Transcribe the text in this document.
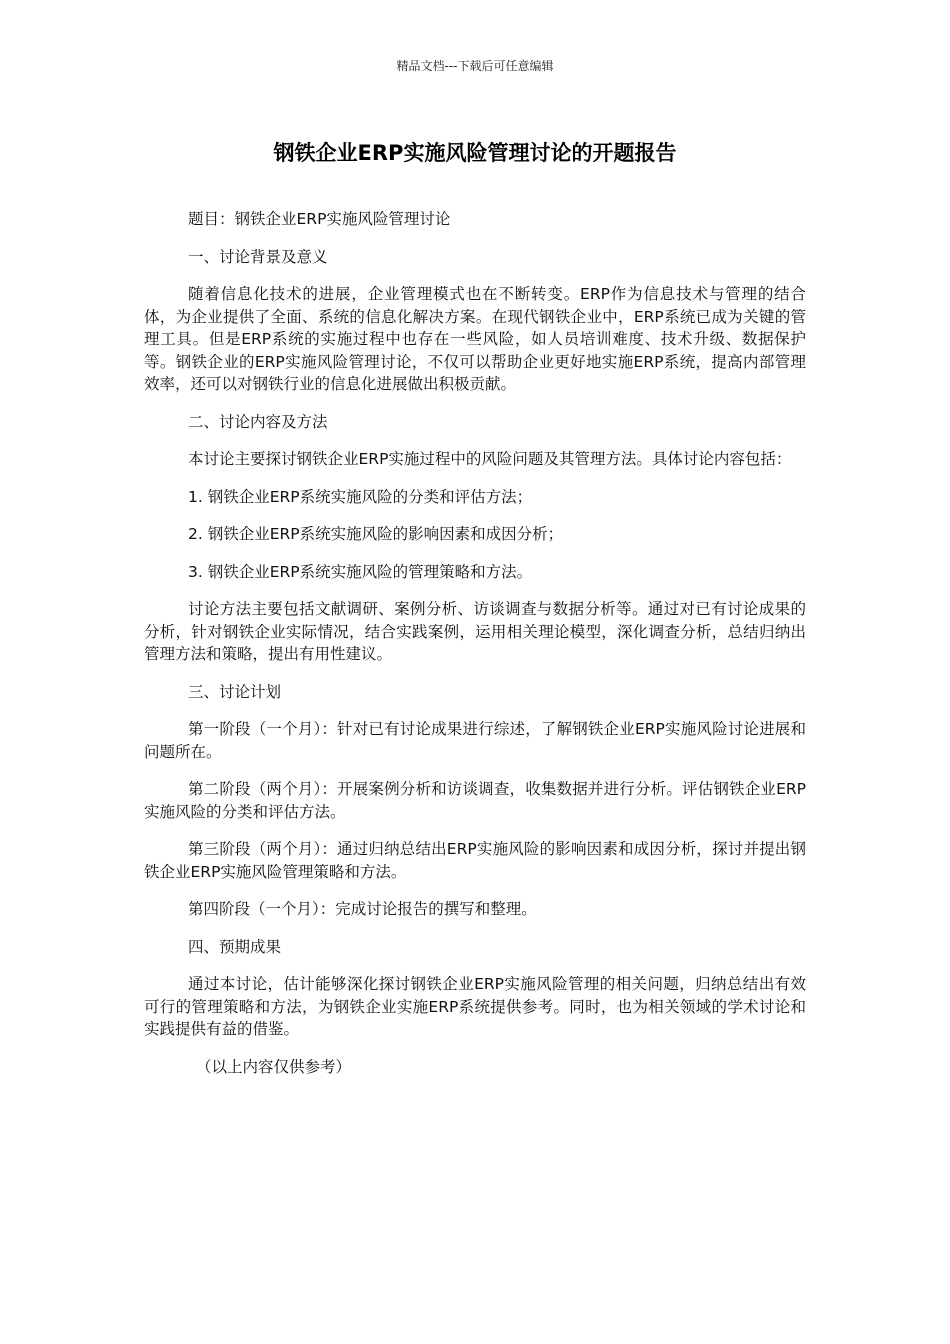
精品文档---下载后可任意编辑
钢铁企业ERP实施风险管理讨论的开题报告

题目：钢铁企业ERP实施风险管理讨论

一、讨论背景及意义

随着信息化技术的进展，企业管理模式也在不断转变。ERP作为信息技术与管理的结合体，为企业提供了全面、系统的信息化解决方案。在现代钢铁企业中，ERP系统已成为关键的管理工具。但是ERP系统的实施过程中也存在一些风险，如人员培训难度、技术升级、数据保护等。钢铁企业的ERP实施风险管理讨论，不仅可以帮助企业更好地实施ERP系统，提高内部管理效率，还可以对钢铁行业的信息化进展做出积极贡献。

二、讨论内容及方法

本讨论主要探讨钢铁企业ERP实施过程中的风险问题及其管理方法。具体讨论内容包括：

1. 钢铁企业ERP系统实施风险的分类和评估方法；

2. 钢铁企业ERP系统实施风险的影响因素和成因分析；

3. 钢铁企业ERP系统实施风险的管理策略和方法。

讨论方法主要包括文献调研、案例分析、访谈调查与数据分析等。通过对已有讨论成果的分析，针对钢铁企业实际情况，结合实践案例，运用相关理论模型，深化调查分析，总结归纳出管理方法和策略，提出有用性建议。

三、讨论计划

第一阶段（一个月）：针对已有讨论成果进行综述，了解钢铁企业ERP实施风险讨论进展和问题所在。

第二阶段（两个月）：开展案例分析和访谈调查，收集数据并进行分析。评估钢铁企业ERP实施风险的分类和评估方法。

第三阶段（两个月）：通过归纳总结出ERP实施风险的影响因素和成因分析，探讨并提出钢铁企业ERP实施风险管理策略和方法。

第四阶段（一个月）：完成讨论报告的撰写和整理。

四、预期成果

通过本讨论，估计能够深化探讨钢铁企业ERP实施风险管理的相关问题，归纳总结出有效可行的管理策略和方法，为钢铁企业实施ERP系统提供参考。同时，也为相关领域的学术讨论和实践提供有益的借鉴。

（以上内容仅供参考）
